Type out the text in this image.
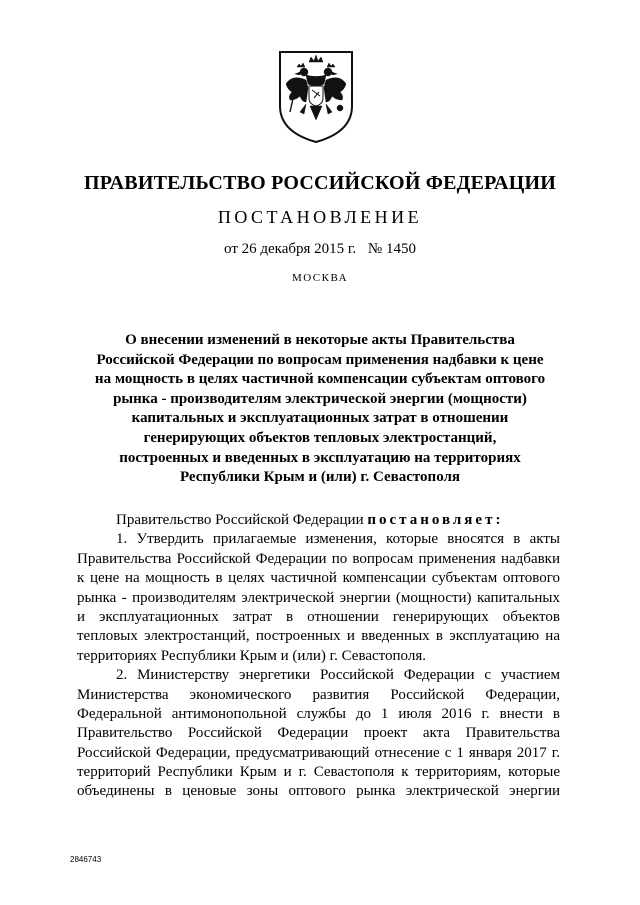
ПРАВИТЕЛЬСТВО РОССИЙСКОЙ ФЕДЕРАЦИИ
ПОСТАНОВЛЕНИЕ
от 26 декабря 2015 г. № 1450
МОСКВА
О внесении изменений в некоторые акты Правительства
Российской Федерации по вопросам применения надбавки к цене
на мощность в целях частичной компенсации субъектам оптового
рынка - производителям электрической энергии (мощности)
капитальных и эксплуатационных затрат в отношении
генерирующих объектов тепловых электростанций,
построенных и введенных в эксплуатацию на территориях
Республики Крым и (или) г. Севастополя
Правительство Российской Федерации постановляет:
1. Утвердить прилагаемые изменения, которые вносятся в акты
Правительства Российской Федерации по вопросам применения надбавки
к цене на мощность в целях частичной компенсации субъектам оптового
рынка - производителям электрической энергии (мощности) капитальных
и эксплуатационных затрат в отношении генерирующих объектов
тепловых электростанций, построенных и введенных в эксплуатацию на
территориях Республики Крым и (или) г. Севастополя.
2. Министерству энергетики Российской Федерации с участием
Министерства экономического развития Российской Федерации,
Федеральной антимонопольной службы до 1 июля 2016 г. внести в
Правительство Российской Федерации проект акта Правительства
Российской Федерации, предусматривающий отнесение с 1 января 2017 г.
территорий Республики Крым и г. Севастополя к территориям, которые
объединены в ценовые зоны оптового рынка электрической энергии
2846743
